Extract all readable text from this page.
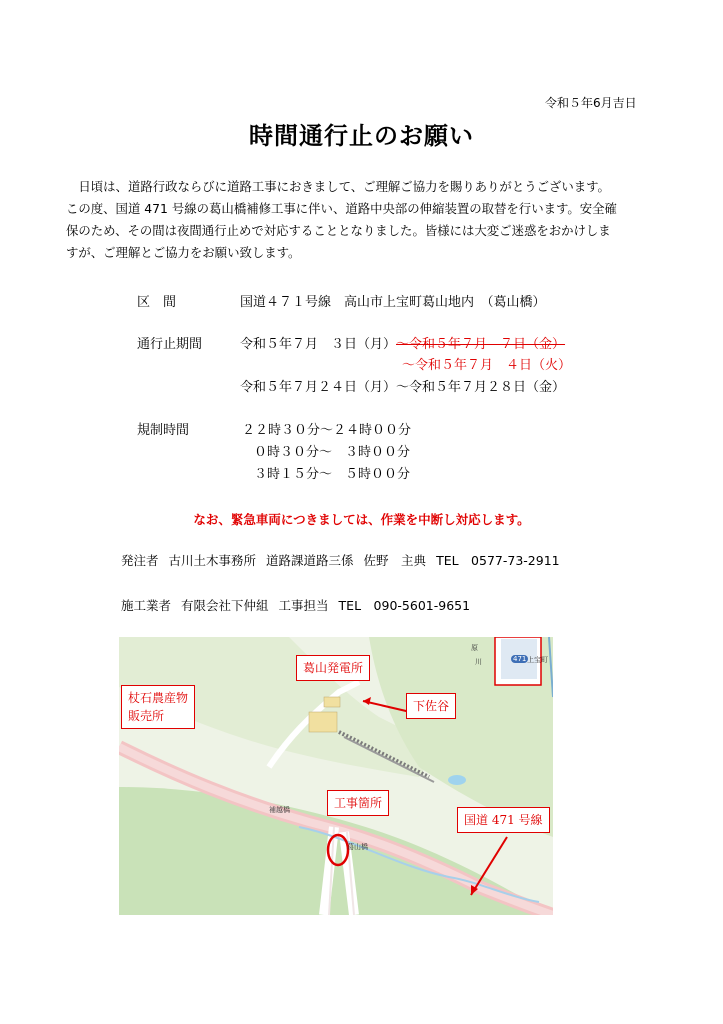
令和５年6月吉日
時間通行止のお願い

　日頃は、道路行政ならびに道路工事におきまして、ご理解ご協力を賜りありがとうございます。

この度、国道 471 号線の葛山橋補修工事に伴い、道路中央部の伸縮装置の取替を行います。安全確

保のため、その間は夜間通行止めで対応することとなりました。皆様には大変ご迷惑をおかけしま

すが、ご理解とご協力をお願い致します。

区　間	国道４７１号線　高山市上宝町葛山地内　（葛山橋）
通行止期間	令和５年７月　３日（月）～令和５年７月　７日（金）
～令和５年７月　４日（火）
令和５年７月２４日（月）～令和５年７月２８日（金）
規制時間	２２時３０分～２４時００分
０時３０分～　３時００分
３時１５分～　５時００分
なお、緊急車両につきましては、作業を中断し対応します。
発注者 古川土木事務所 道路課道路三係 佐野　主典 TEL　0577-73-2911
施工業者 有限会社下仲組 工事担当 TEL　090-5601-9651
471 上宝町
原
川
葛山橋
補越橋
葛山発電所
下佐谷
杖石農産物
販売所
工事箇所
国道 471 号線
